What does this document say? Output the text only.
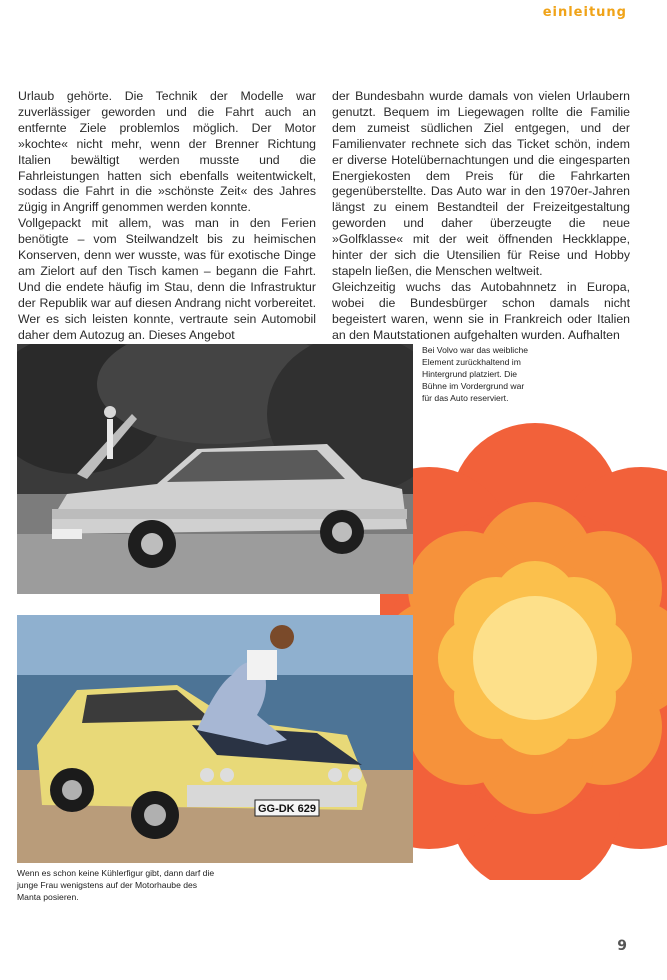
einleitung

Urlaub gehörte. Die Technik der Modelle war zuverlässiger geworden und die Fahrt auch an entfernte Ziele problemlos möglich. Der Motor »kochte« nicht mehr, wenn der Brenner Richtung Italien bewältigt werden musste und die Fahrleistungen hatten sich ebenfalls weitentwickelt, sodass die Fahrt in die »schönste Zeit« des Jahres zügig in Angriff genommen werden konnte.

Vollgepackt mit allem, was man in den Ferien benötigte – vom Steilwandzelt bis zu heimischen Konserven, denn wer wusste, was für exotische Dinge am Zielort auf den Tisch kamen – begann die Fahrt. Und die endete häufig im Stau, denn die Infrastruktur der Republik war auf diesen Andrang nicht vorbereitet. Wer es sich leisten konnte, vertraute sein Automobil daher dem Autozug an. Dieses Angebot

der Bundesbahn wurde damals von vielen Urlaubern genutzt. Bequem im Liegewagen rollte die Familie dem zumeist südlichen Ziel entgegen, und der Familienvater rechnete sich das Ticket schön, indem er diverse Hotelübernachtungen und die eingesparten Energiekosten dem Preis für die Fahrkarten gegenüberstellte. Das Auto war in den 1970er-Jahren längst zu einem Bestandteil der Freizeitgestaltung geworden und daher überzeugte die neue »Golfklasse« mit der weit öffnenden Heckklappe, hinter der sich die Utensilien für Reise und Hobby stapeln ließen, die Menschen weltweit.

Gleichzeitig wuchs das Autobahnnetz in Europa, wobei die Bundesbürger schon damals nicht begeistert waren, wenn sie in Frankreich oder Italien an den Mautstationen aufgehalten wurden. Aufhalten

Bei Volvo war das weibliche Element zurückhaltend im Hintergrund platziert. Die Bühne im Vordergrund war für das Auto reserviert.
GG-DK 629
Wenn es schon keine Kühlerfigur gibt, dann darf die junge Frau wenigstens auf der Motorhaube des Manta posieren.
9
